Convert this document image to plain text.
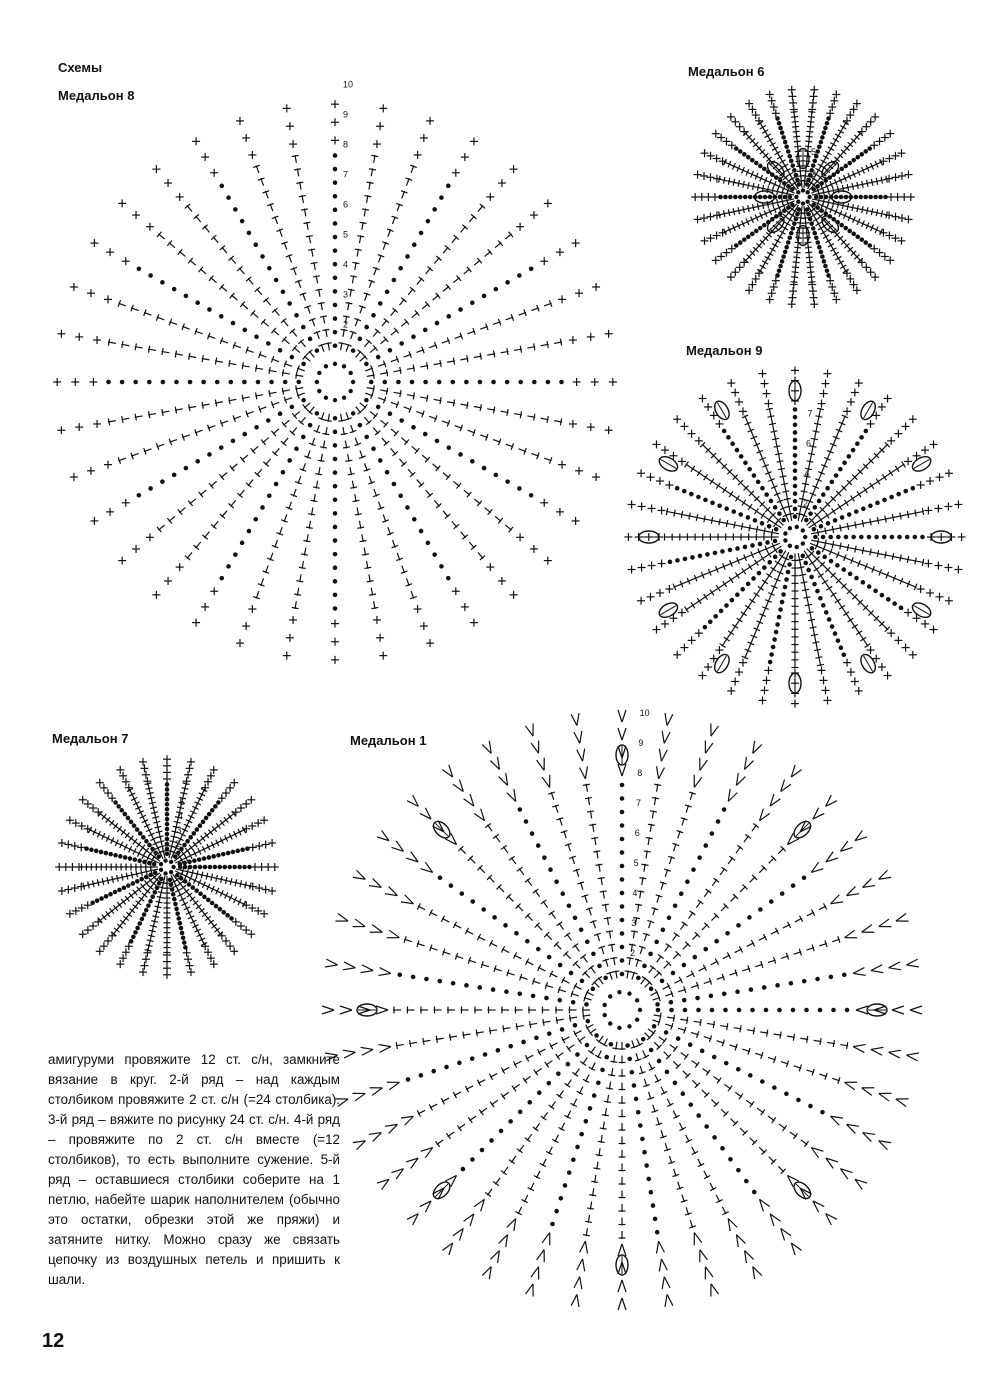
Схемы
Медальон 8
Медальон 6
Медальон 9
Медальон 7	Медальон 1
2
3
4
5
6
7
8
9
10
2
5
2
4
6
7
2
3
4
5
2
3
4
5
6
7
8
9
10
амигуруми провяжите 12 ст. с/н, замкните вязание в круг. 2-й ряд – над каждым столбиком провяжите 2 ст. с/н (=24 столбика). 3-й ряд – вяжите по рисунку 24 ст. с/н. 4-й ряд – провяжите по 2 ст. с/н вместе (=12 столбиков), то есть выполните сужение. 5-й ряд – оставшиеся столбики соберите на 1 петлю, набейте шарик наполнителем (обычно это остатки, обрезки этой же пряжи) и затяните нитку. Можно сразу же связать цепочку из воздушных петель и пришить к шали.
12
